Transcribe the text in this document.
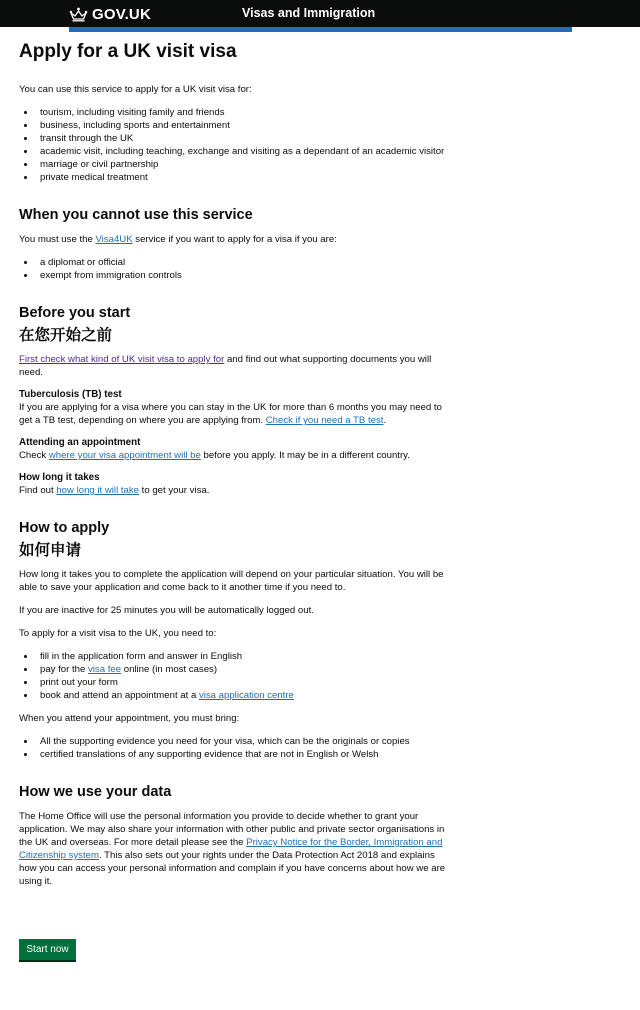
GOV.UK	Visas and Immigration
Apply for a UK visit visa

You can use this service to apply for a UK visit visa for:

tourism, including visiting family and friends
business, including sports and entertainment
transit through the UK
academic visit, including teaching, exchange and visiting as a dependant of an academic visitor
marriage or civil partnership
private medical treatment
When you cannot use this service

You must use the Visa4UK service if you want to apply for a visa if you are:

a diplomat or official
exempt from immigration controls
Before you start
在您开始之前

First check what kind of UK visit visa to apply for and find out what supporting documents you will need.

Tuberculosis (TB) test

If you are applying for a visa where you can stay in the UK for more than 6 months you may need to get a TB test, depending on where you are applying from. Check if you need a TB test.

Attending an appointment

Check where your visa appointment will be before you apply. It may be in a different country.

How long it takes

Find out how long it will take to get your visa.

How to apply
如何申请

How long it takes you to complete the application will depend on your particular situation. You will be able to save your application and come back to it another time if you need to.

If you are inactive for 25 minutes you will be automatically logged out.

To apply for a visit visa to the UK, you need to:

fill in the application form and answer in English
pay for the visa fee online (in most cases)
print out your form
book and attend an appointment at a visa application centre

When you attend your appointment, you must bring:

All the supporting evidence you need for your visa, which can be the originals or copies
certified translations of any supporting evidence that are not in English or Welsh
How we use your data

The Home Office will use the personal information you provide to decide whether to grant your application. We may also share your information with other public and private sector organisations in the UK and overseas. For more detail please see the Privacy Notice for the Border, Immigration and Citizenship system. This also sets out your rights under the Data Protection Act 2018 and explains how you can access your personal information and complain if you have concerns about how we are using it.

Start now
